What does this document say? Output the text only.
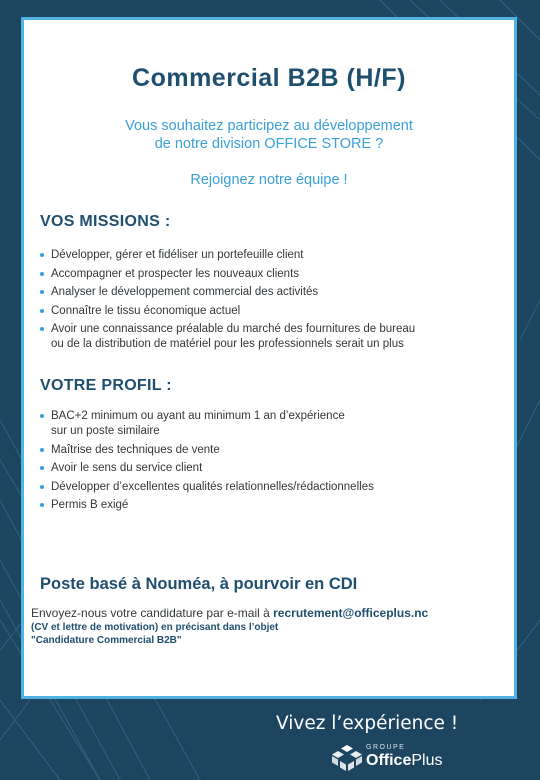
Commercial B2B (H/F)
Vous souhaitez participez au développement
de notre division OFFICE STORE ?
Rejoignez notre équipe !
VOS MISSIONS :
Développer, gérer et fidéliser un portefeuille client
Accompagner et prospecter les nouveaux clients
Analyser le développement commercial des activités
Connaître le tissu économique actuel
Avoir une connaissance préalable du marché des fournitures de bureau
ou de la distribution de matériel pour les professionnels serait un plus
VOTRE PROFIL :
BAC+2 minimum ou ayant au minimum 1 an d’expérience
sur un poste similaire
Maîtrise des techniques de vente
Avoir le sens du service client
Développer d’excellentes qualités relationnelles/rédactionnelles
Permis B exigé
Poste basé à Nouméa, à pourvoir en CDI
Envoyez-nous votre candidature par e-mail à recrutement@officeplus.nc
(CV et lettre de motivation) en précisant dans l’objet
"Candidature Commercial B2B"
Vivez l’expérience !
GROUPE
OfficePlus
